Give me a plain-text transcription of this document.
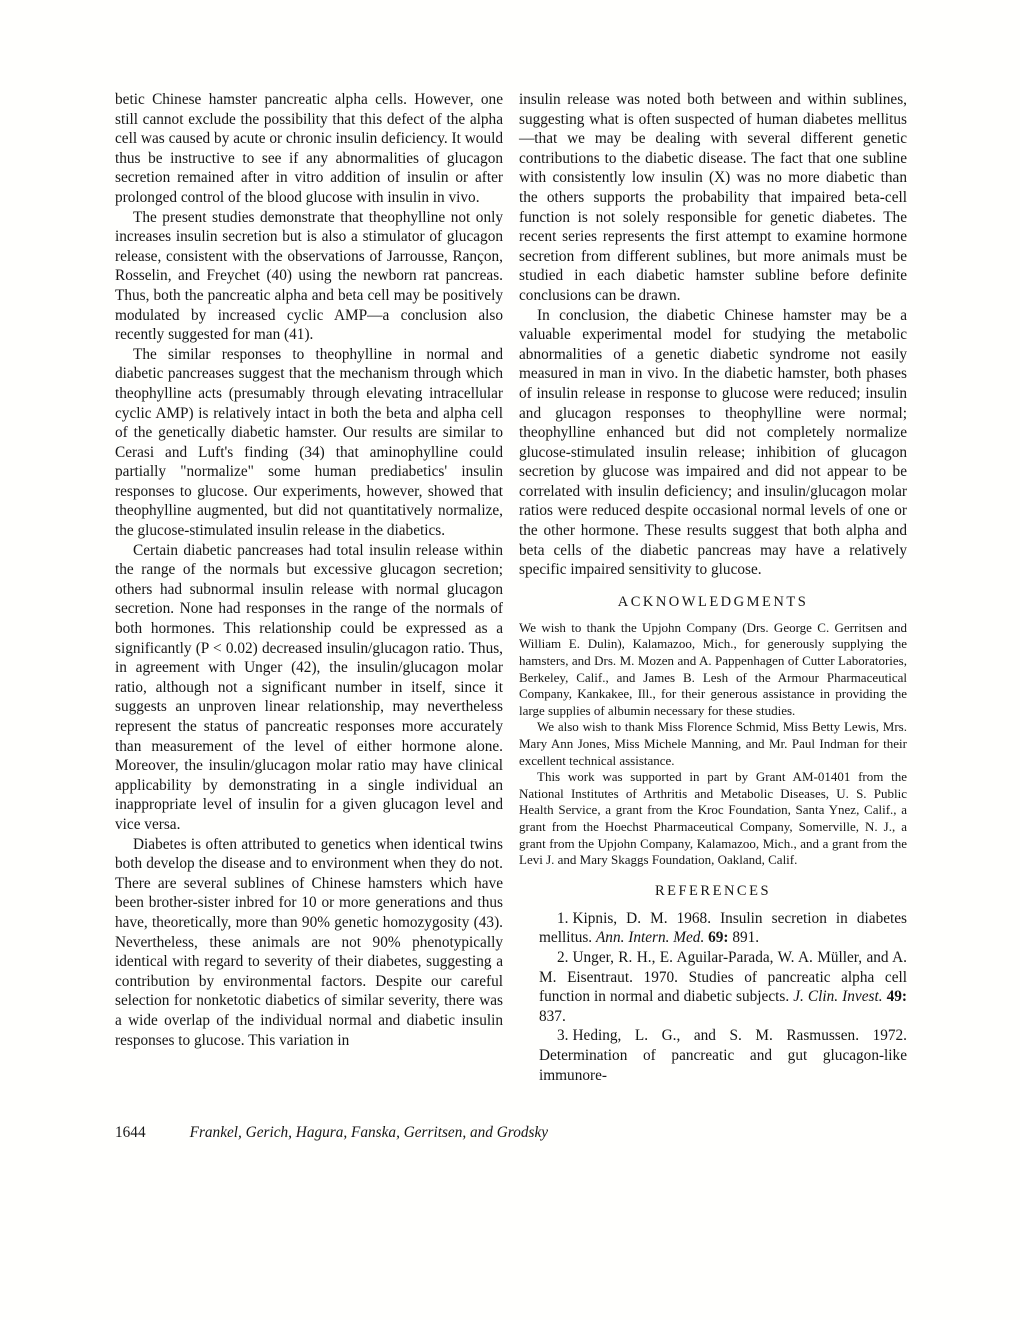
betic Chinese hamster pancreatic alpha cells. However, one still cannot exclude the possibility that this defect of the alpha cell was caused by acute or chronic insulin deficiency. It would thus be instructive to see if any abnormalities of glucagon secretion remained after in vitro addition of insulin or after prolonged control of the blood glucose with insulin in vivo.

The present studies demonstrate that theophylline not only increases insulin secretion but is also a stimulator of glucagon release, consistent with the observations of Jarrousse, Rançon, Rosselin, and Freychet (40) using the newborn rat pancreas. Thus, both the pancreatic alpha and beta cell may be positively modulated by increased cyclic AMP—a conclusion also recently suggested for man (41).

The similar responses to theophylline in normal and diabetic pancreases suggest that the mechanism through which theophylline acts (presumably through elevating intracellular cyclic AMP) is relatively intact in both the beta and alpha cell of the genetically diabetic hamster. Our results are similar to Cerasi and Luft's finding (34) that aminophylline could partially "normalize" some human prediabetics' insulin responses to glucose. Our experiments, however, showed that theophylline augmented, but did not quantitatively normalize, the glucose-stimulated insulin release in the diabetics.

Certain diabetic pancreases had total insulin release within the range of the normals but excessive glucagon secretion; others had subnormal insulin release with normal glucagon secretion. None had responses in the range of the normals of both hormones. This relationship could be expressed as a significantly (P < 0.02) decreased insulin/glucagon ratio. Thus, in agreement with Unger (42), the insulin/glucagon molar ratio, although not a significant number in itself, since it suggests an unproven linear relationship, may nevertheless represent the status of pancreatic responses more accurately than measurement of the level of either hormone alone. Moreover, the insulin/glucagon molar ratio may have clinical applicability by demonstrating in a single individual an inappropriate level of insulin for a given glucagon level and vice versa.

Diabetes is often attributed to genetics when identical twins both develop the disease and to environment when they do not. There are several sublines of Chinese hamsters which have been brother-sister inbred for 10 or more generations and thus have, theoretically, more than 90% genetic homozygosity (43). Nevertheless, these animals are not 90% phenotypically identical with regard to severity of their diabetes, suggesting a contribution by environmental factors. Despite our careful selection for nonketotic diabetics of similar severity, there was a wide overlap of the individual normal and diabetic insulin responses to glucose. This variation in

insulin release was noted both between and within sublines, suggesting what is often suspected of human diabetes mellitus—that we may be dealing with several different genetic contributions to the diabetic disease. The fact that one subline with consistently low insulin (X) was no more diabetic than the others supports the probability that impaired beta-cell function is not solely responsible for genetic diabetes. The recent series represents the first attempt to examine hormone secretion from different sublines, but more animals must be studied in each diabetic hamster subline before definite conclusions can be drawn.

In conclusion, the diabetic Chinese hamster may be a valuable experimental model for studying the metabolic abnormalities of a genetic diabetic syndrome not easily measured in man in vivo. In the diabetic hamster, both phases of insulin release in response to glucose were reduced; insulin and glucagon responses to theophylline were normal; theophylline enhanced but did not completely normalize glucose-stimulated insulin release; inhibition of glucagon secretion by glucose was impaired and did not appear to be correlated with insulin deficiency; and insulin/glucagon molar ratios were reduced despite occasional normal levels of one or the other hormone. These results suggest that both alpha and beta cells of the diabetic pancreas may have a relatively specific impaired sensitivity to glucose.

ACKNOWLEDGMENTS

We wish to thank the Upjohn Company (Drs. George C. Gerritsen and William E. Dulin), Kalamazoo, Mich., for generously supplying the hamsters, and Drs. M. Mozen and A. Pappenhagen of Cutter Laboratories, Berkeley, Calif., and James B. Lesh of the Armour Pharmaceutical Company, Kankakee, Ill., for their generous assistance in providing the large supplies of albumin necessary for these studies.

We also wish to thank Miss Florence Schmid, Miss Betty Lewis, Mrs. Mary Ann Jones, Miss Michele Manning, and Mr. Paul Indman for their excellent technical assistance.

This work was supported in part by Grant AM-01401 from the National Institutes of Arthritis and Metabolic Diseases, U. S. Public Health Service, a grant from the Kroc Foundation, Santa Ynez, Calif., a grant from the Hoechst Pharmaceutical Company, Somerville, N. J., a grant from the Upjohn Company, Kalamazoo, Mich., and a grant from the Levi J. and Mary Skaggs Foundation, Oakland, Calif.

REFERENCES

1. Kipnis, D. M. 1968. Insulin secretion in diabetes mellitus. Ann. Intern. Med. 69: 891.

2. Unger, R. H., E. Aguilar-Parada, W. A. Müller, and A. M. Eisentraut. 1970. Studies of pancreatic alpha cell function in normal and diabetic subjects. J. Clin. Invest. 49: 837.

3. Heding, L. G., and S. M. Rasmussen. 1972. Determination of pancreatic and gut glucagon-like immunore-

1644	Frankel, Gerich, Hagura, Fanska, Gerritsen, and Grodsky
